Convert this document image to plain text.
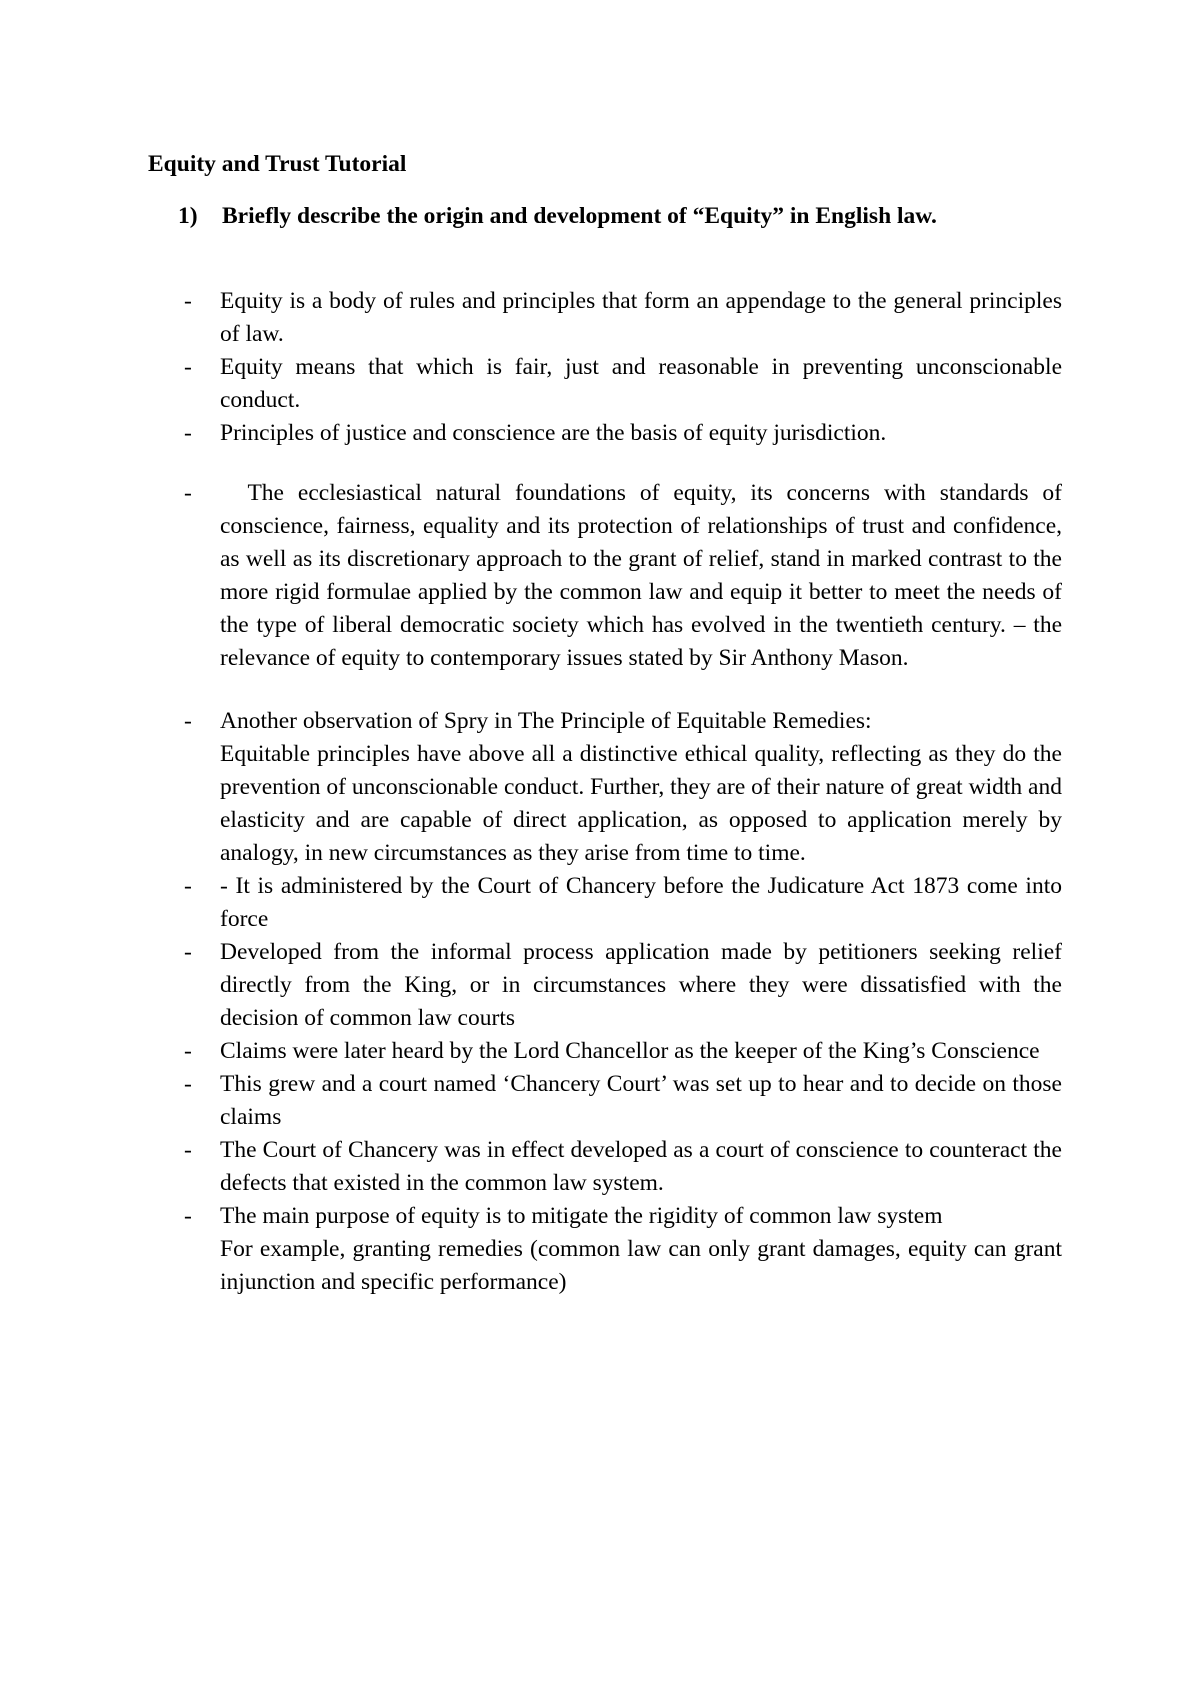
Equity and Trust Tutorial
1)	Briefly describe the origin and development of “Equity” in English law.
-	Equity is a body of rules and principles that form an appendage to the general principles of law.

-	Equity means that which is fair, just and reasonable in preventing unconscionable conduct.

-	Principles of justice and conscience are the basis of equity jurisdiction.

-	The ecclesiastical natural foundations of equity, its concerns with standards of conscience, fairness, equality and its protection of relationships of trust and confidence, as well as its discretionary approach to the grant of relief, stand in marked contrast to the more rigid formulae applied by the common law and equip it better to meet the needs of the type of liberal democratic society which has evolved in the twentieth century. – the relevance of equity to contemporary issues stated by Sir Anthony Mason.

-	Another observation of Spry in The Principle of Equitable Remedies:

Equitable principles have above all a distinctive ethical quality, reflecting as they do the prevention of unconscionable conduct. Further, they are of their nature of great width and elasticity and are capable of direct application, as opposed to application merely by analogy, in new circumstances as they arise from time to time.

-	- It is administered by the Court of Chancery before the Judicature Act 1873 come into force

-	Developed from the informal process application made by petitioners seeking relief directly from the King, or in circumstances where they were dissatisfied with the decision of common law courts

-	Claims were later heard by the Lord Chancellor as the keeper of the King’s Conscience

-	This grew and a court named ‘Chancery Court’ was set up to hear and to decide on those claims

-	The Court of Chancery was in effect developed as a court of conscience to counteract the defects that existed in the common law system.

-	The main purpose of equity is to mitigate the rigidity of common law system

For example, granting remedies (common law can only grant damages, equity can grant injunction and specific performance)
